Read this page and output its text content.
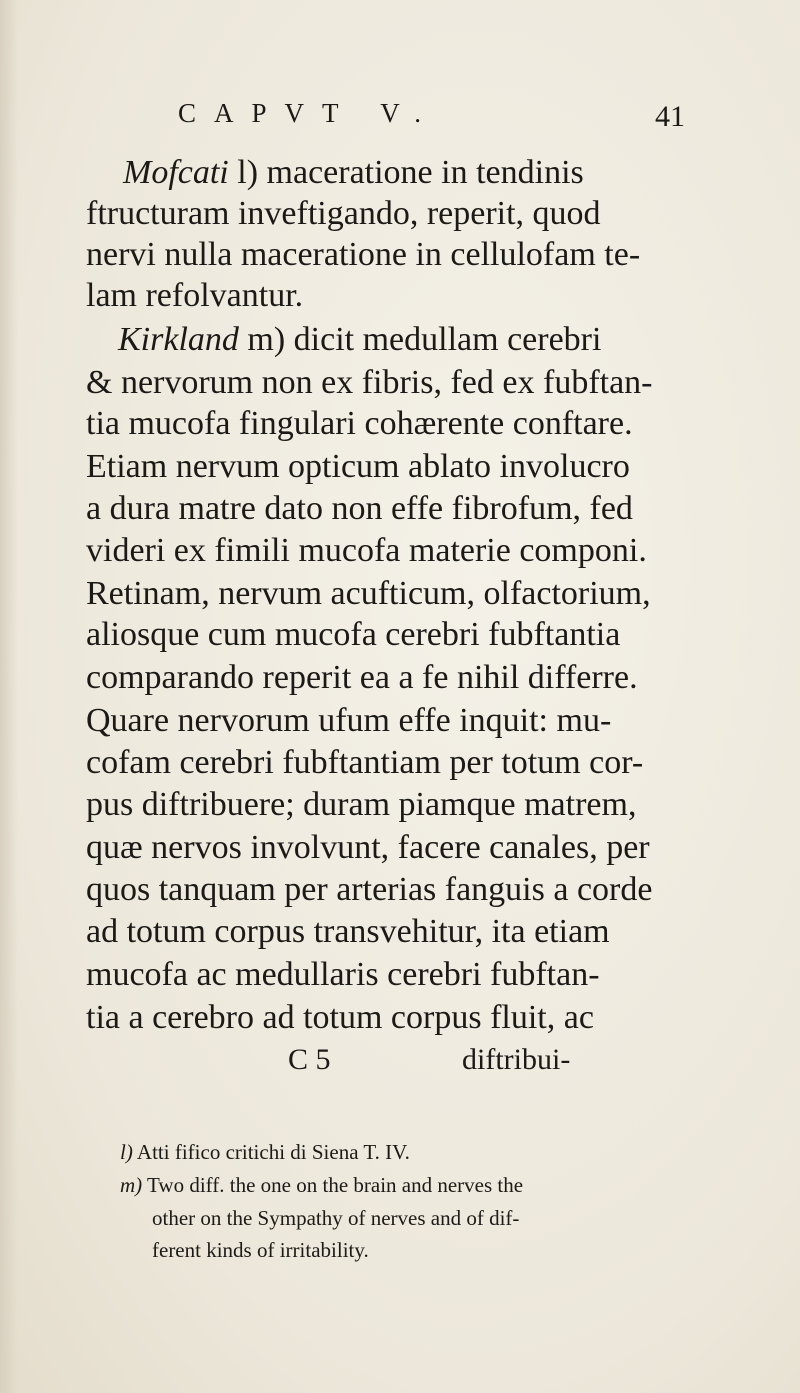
CAPVT V.	41
Mofcati l) maceratione in tendinis
ftructuram inveftigando, reperit, quod
nervi nulla maceratione in cellulofam te-
lam refolvantur.
Kirkland m) dicit medullam cerebri
& nervorum non ex fibris, fed ex fubftan-
tia mucofa fingulari cohærente conftare.
Etiam nervum opticum ablato involucro
a dura matre dato non effe fibrofum, fed
videri ex fimili mucofa materie componi.
Retinam, nervum acufticum, olfactorium,
aliosque cum mucofa cerebri fubftantia
comparando reperit ea a fe nihil differre.
Quare nervorum ufum effe inquit: mu-
cofam cerebri fubftantiam per totum cor-
pus diftribuere; duram piamque matrem,
quæ nervos involvunt, facere canales, per
quos tanquam per arterias fanguis a corde
ad totum corpus transvehitur, ita etiam
mucofa ac medullaris cerebri fubftan-
tia a cerebro ad totum corpus fluit, ac
C 5	diftribui-
l) Atti fifico critichi di Siena T. IV.
m) Two diff. the one on the brain and nerves the
other on the Sympathy of nerves and of dif-
ferent kinds of irritability.
